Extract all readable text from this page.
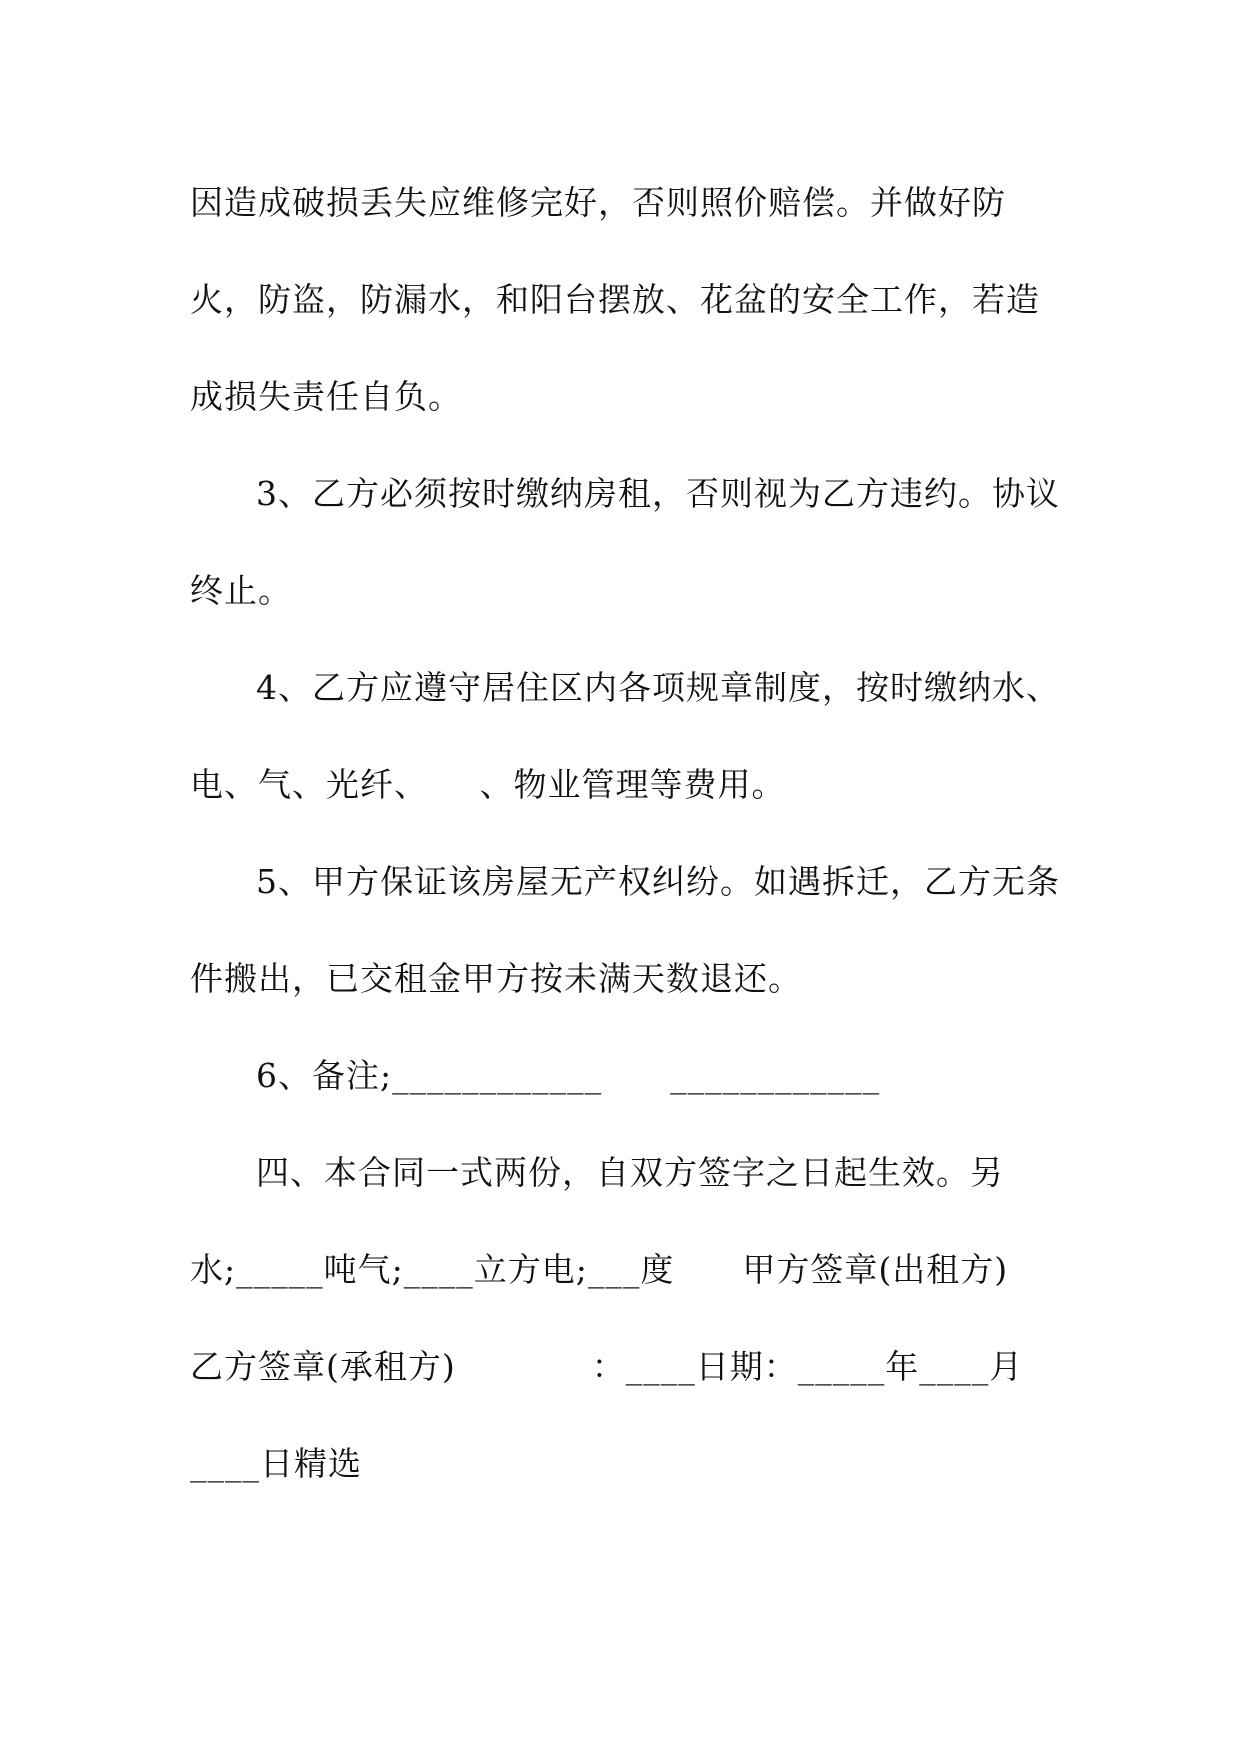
因造成破损丢失应维修完好，否则照价赔偿。并做好防
火，防盗，防漏水，和阳台摆放、花盆的安全工作，若造
成损失责任自负。
3、乙方必须按时缴纳房租，否则视为乙方违约。协议
终止。
4、乙方应遵守居住区内各项规章制度，按时缴纳水、
电、气、光纤、　　、物业管理等费用。
5、甲方保证该房屋无产权纠纷。如遇拆迁，乙方无条
件搬出，已交租金甲方按未满天数退还。
6、备注;____________　　____________
四、本合同一式两份，自双方签字之日起生效。另
水;_____吨气;____立方电;___度　　甲方签章(出租方)
乙方签章(承租方)　　　　：____日期：_____年____月
____日精选
